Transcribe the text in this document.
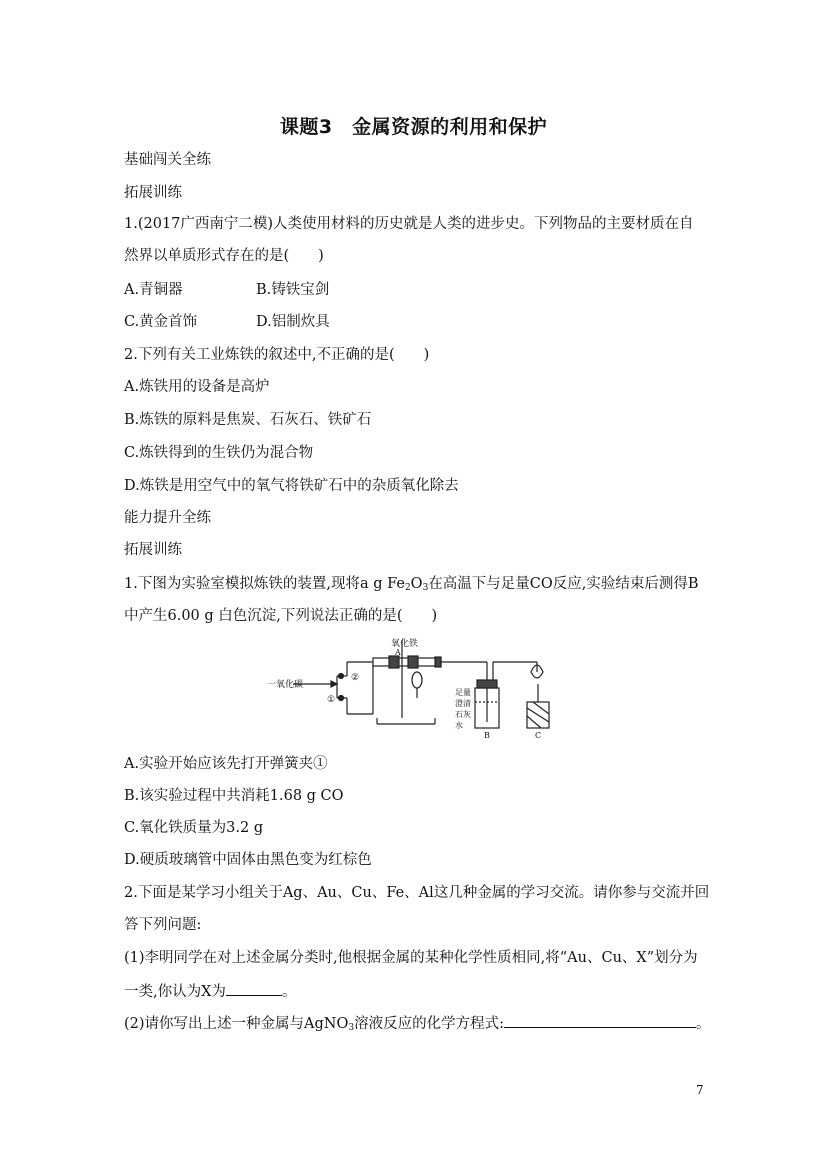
课题3　金属资源的利用和保护
基础闯关全练
拓展训练
1.(2017广西南宁二模)人类使用材料的历史就是人类的进步史。下列物品的主要材质在自
然界以单质形式存在的是(　　)
A.青铜器	B.铸铁宝剑
C.黄金首饰	D.铝制炊具
2.下列有关工业炼铁的叙述中,不正确的是(　　)
A.炼铁用的设备是高炉
B.炼铁的原料是焦炭、石灰石、铁矿石
C.炼铁得到的生铁仍为混合物
D.炼铁是用空气中的氧气将铁矿石中的杂质氧化除去
能力提升全练
拓展训练
1.下图为实验室模拟炼铁的装置,现将a g $Fe_2O_3$在高温下与足量CO反应,实验结束后测得B
中产生6.00 g 白色沉淀,下列说法正确的是(　　)
一氧化碳
氧化铁
A
②
①
足量
澄清
石灰
水
B	C
A.实验开始应该先打开弹簧夹①
B.该实验过程中共消耗1.68 g CO
C.氧化铁质量为3.2 g
D.硬质玻璃管中固体由黑色变为红棕色
2.下面是某学习小组关于Ag、Au、Cu、Fe、Al这几种金属的学习交流。请你参与交流并回
答下列问题:
(1)李明同学在对上述金属分类时,他根据金属的某种化学性质相同,将“Au、Cu、X”划分为
一类,你认为X为	。
(2)请你写出上述一种金属与AgNO$_3$溶液反应的化学方程式:	。
7
